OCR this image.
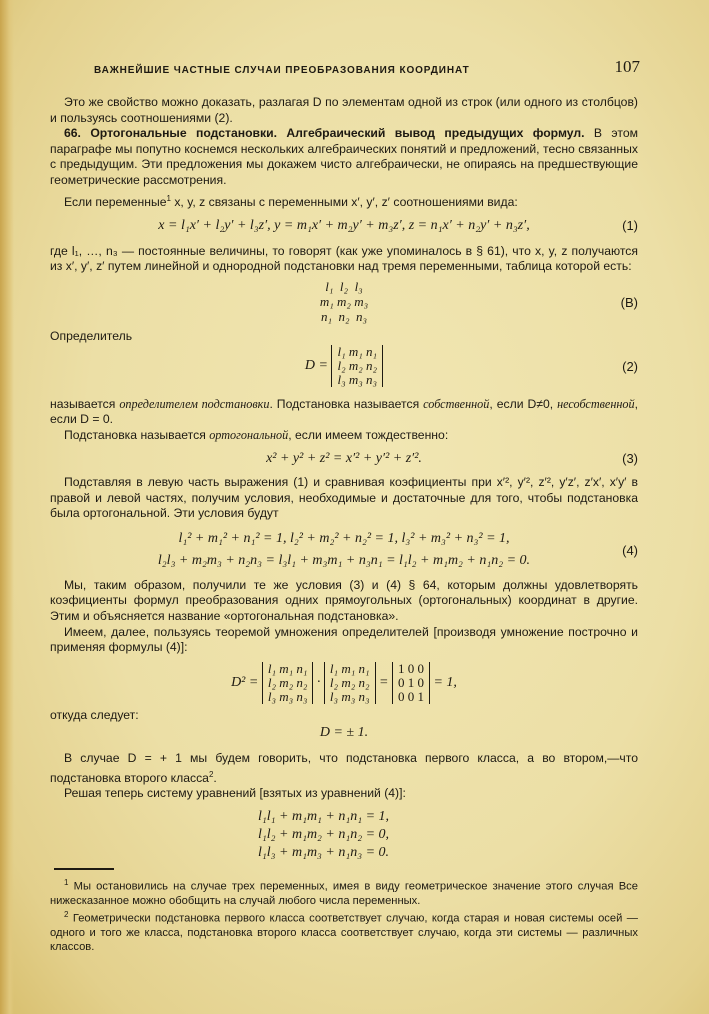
ВАЖНЕЙШИЕ ЧАСТНЫЕ СЛУЧАИ ПРЕОБРАЗОВАНИЯ КООРДИНАТ	107

Это же свойство можно доказать, разлагая D по элементам одной из строк (или одного из столбцов) и пользуясь соотношениями (2).

66. Ортогональные подстановки. Алгебраический вывод предыдущих формул. В этом параграфе мы попутно коснемся нескольких алгебраических понятий и предложений, тесно связанных с предыдущим. Эти предложения мы докажем чисто алгебраически, не опираясь на предшествующие геометрические рассмотрения.

Если переменные$^1$ x, y, z связаны с переменными x′, y′, z′ соотношениями вида:

x = l₁x′ + l₂y′ + l₃z′, y = m₁x′ + m₂y′ + m₃z′, z = n₁x′ + n₂y′ + n₃z′,	(1)

где l₁, …, n₃ — постоянные величины, то говорят (как уже упоминалось в § 61), что x, y, z получаются из x′, y′, z′ путем линейной и однородной подстановки над тремя переменными, таблица которой есть:

l₁ l₂ l₃
m₁ m₂ m₃
n₁ n₂ n₃
(B)

Определитель

D =
l₁ m₁ n₁
l₂ m₂ n₂
l₃ m₃ n₃
(2)

называется определителем подстановки. Подстановка называется собственной, если D≠0, несобственной, если D = 0.

Подстановка называется ортогональной, если имеем тождественно:

x² + y² + z² = x′² + y′² + z′².	(3)

Подставляя в левую часть выражения (1) и сравнивая коэфициенты при x′², y′², z′², y′z′, z′x′, x′y′ в правой и левой частях, получим условия, необходимые и достаточные для того, чтобы подстановка была ортогональной. Эти условия будут

l₁² + m₁² + n₁² = 1, l₂² + m₂² + n₂² = 1, l₃² + m₃² + n₃² = 1,
l₂l₃ + m₂m₃ + n₂n₃ = l₃l₁ + m₃m₁ + n₃n₁ = l₁l₂ + m₁m₂ + n₁n₂ = 0.
(4)

Мы, таким образом, получили те же условия (3) и (4) § 64, которым должны удовлетворять коэфициенты формул преобразования одних прямоугольных (ортогональных) координат в другие. Этим и объясняется название «ортогональная подстановка».

Имеем, далее, пользуясь теоремой умножения определителей [производя умножение построчно и применяя формулы (4)]:

D² =
l₁ m₁ n₁
l₂ m₂ n₂
l₃ m₃ n₃
·
l₁ m₁ n₁
l₂ m₂ n₂
l₃ m₃ n₃
=
1 0 0
0 1 0
0 0 1
= 1,

откуда следует:

D = ± 1.

В случае D = + 1 мы будем говорить, что подстановка первого класса, а во втором,—что подстановка второго класса$^2$.

Решая теперь систему уравнений [взятых из уравнений (4)]:

l₁l₁ + m₁m₁ + n₁n₁ = 1,
l₁l₂ + m₁m₂ + n₁n₂ = 0,
l₁l₃ + m₁m₃ + n₁n₃ = 0.

$^1$ Мы остановились на случае трех переменных, имея в виду геометрическое значение этого случая Все нижесказанное можно обобщить на случай любого числа переменных.

$^2$ Геометрически подстановка первого класса соответствует случаю, когда старая и новая системы осей — одного и того же класса, подстановка второго класса соответствует случаю, когда эти системы — различных классов.
